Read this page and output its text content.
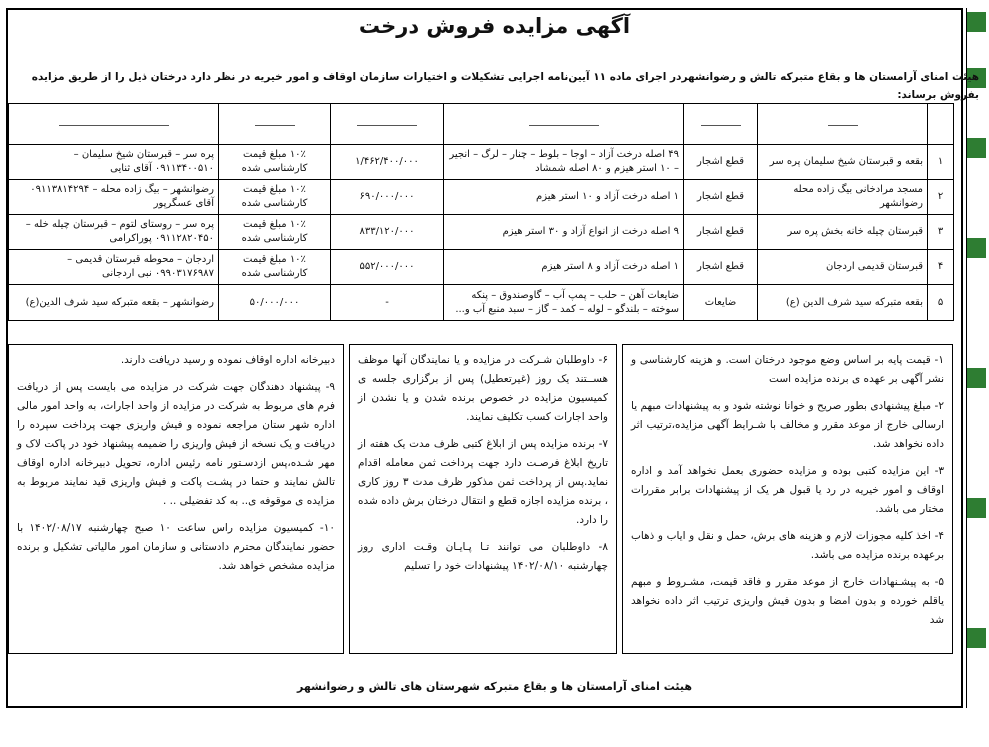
آگهی مزایده فروش درخت
هیئت امنای آرامستان ها و بقاع متبرکه تالش و رضوانشهردر اجرای ماده ۱۱ آیین‌نامه اجرایی تشکیلات و اختیارات سازمان اوقاف و امور خیریه در نظر دارد درختان ذیل را از طریق مزایده بفروش برساند:

۱	بقعه و قبرستان شیخ سلیمان پره سر	قطع اشجار	۴۹ اصله درخت آزاد – اوجا – بلوط – چنار – لرگ – انجیر – ۱۰ استر هیزم و ۸۰ اصله شمشاد	۱/۴۶۲/۴۰۰/۰۰۰	۱۰٪ مبلغ قیمت کارشناسی شده	پره سر – قبرستان شیخ سلیمان – ۰۹۱۱۳۴۰۰۵۱۰ آقای ثنایی
۲	مسجد مرادخانی بیگ زاده محله رضوانشهر	قطع اشجار	۱ اصله درخت آزاد و ۱۰ استر هیزم	۶۹۰/۰۰۰/۰۰۰	۱۰٪ مبلغ قیمت کارشناسی شده	رضوانشهر – بیگ زاده محله – ۰۹۱۱۳۸۱۴۲۹۴ آقای عسگرپور
۳	قبرستان چیله خانه بخش پره سر	قطع اشجار	۹ اصله درخت از انواع آزاد و ۳۰ استر هیزم	۸۳۳/۱۲۰/۰۰۰	۱۰٪ مبلغ قیمت کارشناسی شده	پره سر – روستای لتوم – قبرستان چیله خله – ۰۹۱۱۲۸۲۰۴۵۰ پوراکرامی
۴	قبرستان قدیمی اردجان	قطع اشجار	۱ اصله درخت آزاد و ۸ استر هیزم	۵۵۲/۰۰۰/۰۰۰	۱۰٪ مبلغ قیمت کارشناسی شده	اردجان – محوطه قبرستان قدیمی – ۰۹۹۰۳۱۷۶۹۸۷ نبی اردجانی
۵	بقعه متبرکه سید شرف الدین (ع)	ضایعات	ضایعات آهن – حلب – پمپ آب – گاوصندوق – پنکه سوخته – بلندگو – لوله – کمد – گاز – سبد منبع آب و...	-	۵۰/۰۰۰/۰۰۰	رضوانشهر – بقعه متبرکه سید شرف الدین(ع)

۱- قیمت پایه بر اساس وضع موجود درختان است. و هزینه کارشناسی و نشر آگهی بر عهده ی برنده مزایده است

۲- مبلغ پیشنهادی بطور صریح و خوانا نوشته شود و به پیشنهادات مبهم یا ارسالی خارج از موعد مقرر و مخالف با شـرایط آگهی مزایده،ترتیب اثر داده نخواهد شد.

۳- این مزایده کتبی بوده و مزایده حضوری بعمل نخواهد آمد و اداره اوقاف و امور خیریه در رد یا قبول هر یک از پیشنهادات برابر مقررات مختار می باشد.

۴- اخذ کلیه مجوزات لازم و هزینه های برش، حمل و نقل و ایاب و ذهاب برعهده برنده مزایده می باشد.

۵- به پیشـنهادات خارج از موعد مقرر و فاقد قیمت، مشـروط و مبهم یاقلم خورده و بدون امضا و بدون فیش واریزی ترتیب اثر داده نخواهد شد

۶- داوطلبان شـرکت در مزایده و یا نمایندگان آنها موظف هســتند یک روز (غیرتعطیل) پس از برگزاری جلسه ی کمیسیون مزایده در خصوص برنده شدن و یا نشدن از واحد اجارات کسب تکلیف نمایند.

۷- برنده مزایده پس از ابلاغ کتبی ظرف مدت یک هفته از تاریخ ابلاغ فرصـت دارد جهت پرداخت ثمن معامله اقدام نماید.پس از پرداخت ثمن مذکور ظرف مدت ۳ روز کاری ، برنده مزایده اجازه قطع و انتقال درختان برش داده شده را دارد.

۸- داوطلبان می توانند تـا پـایـان وقـت اداری روز چهارشنبه ۱۴۰۲/۰۸/۱۰ پیشنهادات خود را تسلیم

دبیرخانه اداره اوقاف نموده و رسید دریافت دارند.

۹- پیشنهاد دهندگان جهت شرکت در مزایده می بایست پس از دریافت فرم های مربوط به شرکت در مزایده از واحد اجارات، به واحد امور مالی اداره شهر ستان مراجعه نموده و فیش واریزی جهت پرداخت سپرده را دریافت و یک نسخه از فیش واریزی را ضمیمه پیشنهاد خود در پاکت لاک و مهر شـده،پس ازدسـتور نامه رئیس اداره، تحویل دبیرخانه اداره اوقاف تالش نمایند و حتما در پشـت پاکت و فیش واریزی قید نمایند مربوط به مزایده ی موقوفه ی.. به کد تفضیلی .. .

۱۰- کمیسیون مزایده راس ساعت ۱۰ صبح چهارشنبه ۱۴۰۲/۰۸/۱۷ با حضور نمایندگان محترم دادستانی و سازمان امور مالیاتی تشکیل و برنده مزایده مشخص خواهد شد.

هیئت امنای آرامستان ها و بقاع متبرکه شهرستان های تالش و رضوانشهر
